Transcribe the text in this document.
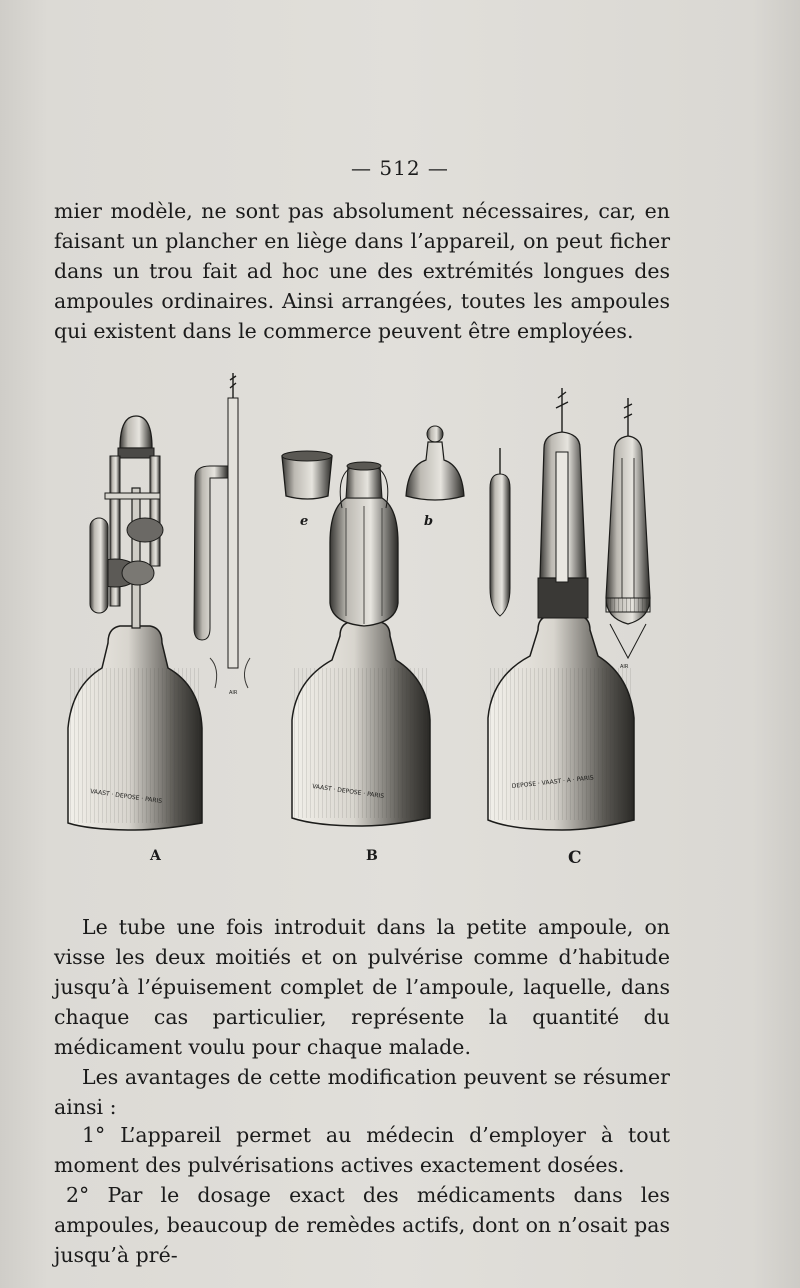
— 512 —

mier modèle, ne sont pas absolument nécessaires, car, en faisant un plancher en liège dans l’appareil, on peut ficher dans un trou fait ad hoc une des extrémités longues des ampoules ordinaires. Ainsi arrangées, toutes les ampoules qui existent dans le commerce peuvent être employées.

VAAST · DEPOSE · PARIS
AIR
VAAST · DEPOSE · PARIS
DEPOSE · VAAST · A · PARIS
AIR
A	B	C
e	b

Le tube une fois introduit dans la petite ampoule, on visse les deux moitiés et on pulvérise comme d’habitude jusqu’à l’épuisement complet de l’ampoule, laquelle, dans chaque cas particulier, représente la quantité du médicament voulu pour chaque malade.

Les avantages de cette modification peuvent se résumer ainsi :

1° L’appareil permet au médecin d’employer à tout moment des pulvérisations actives exactement dosées.

2° Par le dosage exact des médicaments dans les ampoules, beaucoup de remèdes actifs, dont on n’osait pas jusqu’à pré-
